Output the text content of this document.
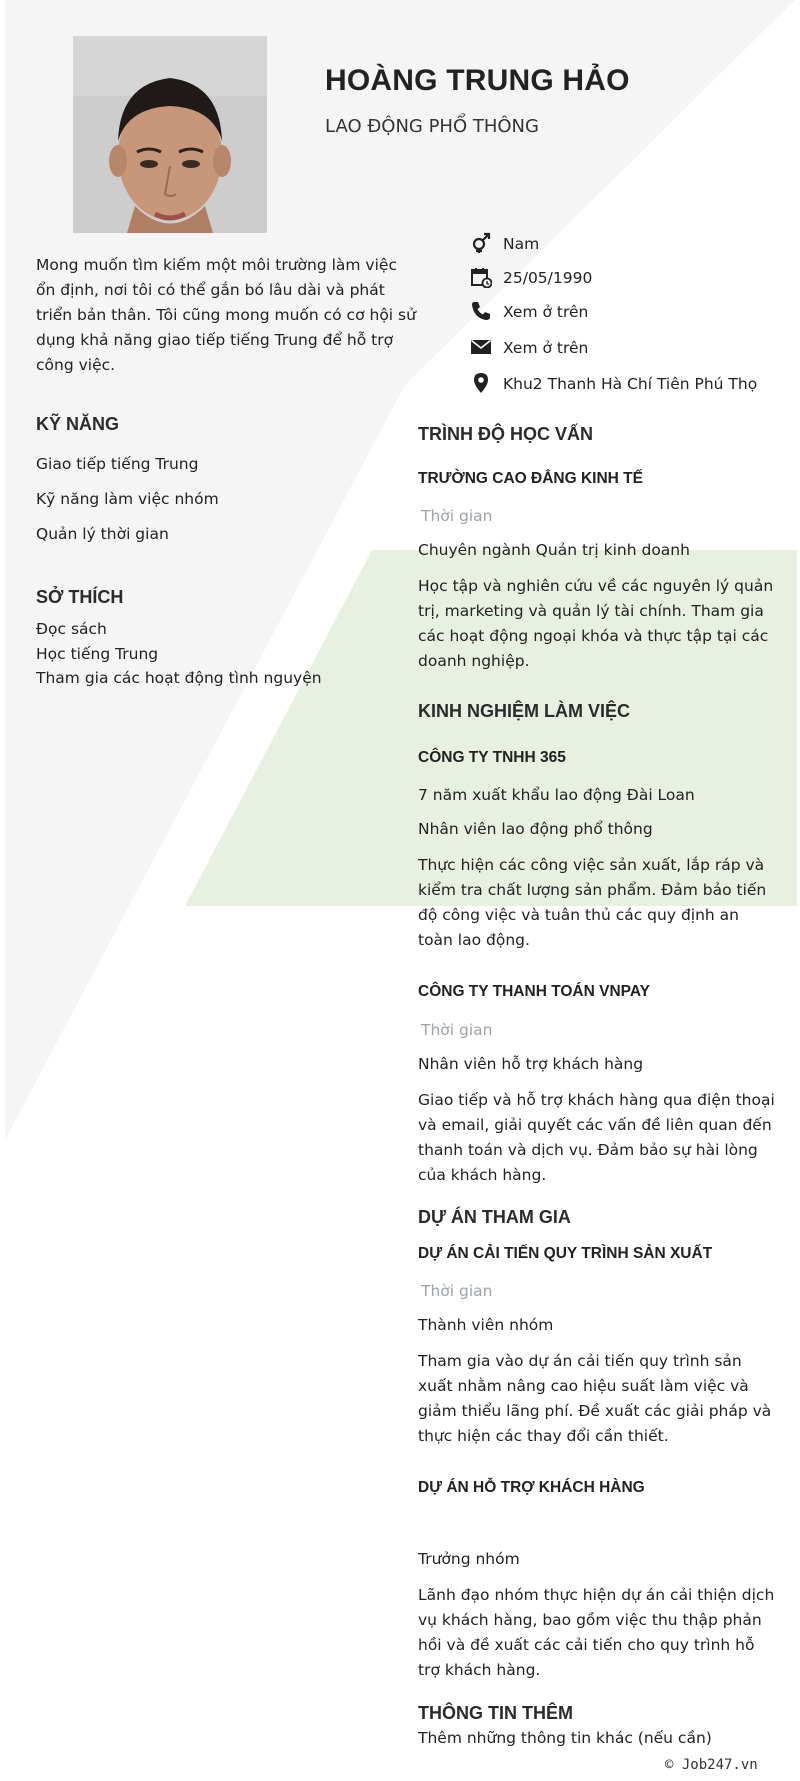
HOÀNG TRUNG HẢO
LAO ĐỘNG PHỔ THÔNG
Nam
25/05/1990
Xem ở trên
Xem ở trên
Khu2 Thanh Hà Chí Tiên Phú Thọ
Mong muốn tìm kiếm một môi trường làm việc ổn định, nơi tôi có thể gắn bó lâu dài và phát triển bản thân. Tôi cũng mong muốn có cơ hội sử dụng khả năng giao tiếp tiếng Trung để hỗ trợ công việc.
KỸ NĂNG
Giao tiếp tiếng Trung
Kỹ năng làm việc nhóm
Quản lý thời gian
SỞ THÍCH
Đọc sách
Học tiếng Trung
Tham gia các hoạt động tình nguyện
TRÌNH ĐỘ HỌC VẤN
TRƯỜNG CAO ĐẲNG KINH TẾ
Thời gian
Chuyên ngành Quản trị kinh doanh
Học tập và nghiên cứu về các nguyên lý quản trị, marketing và quản lý tài chính. Tham gia các hoạt động ngoại khóa và thực tập tại các doanh nghiệp.
KINH NGHIỆM LÀM VIỆC
CÔNG TY TNHH 365
7 năm xuất khẩu lao động Đài Loan
Nhân viên lao động phổ thông
Thực hiện các công việc sản xuất, lắp ráp và kiểm tra chất lượng sản phẩm. Đảm bảo tiến độ công việc và tuân thủ các quy định an toàn lao động.
CÔNG TY THANH TOÁN VNPAY
Thời gian
Nhân viên hỗ trợ khách hàng
Giao tiếp và hỗ trợ khách hàng qua điện thoại và email, giải quyết các vấn đề liên quan đến thanh toán và dịch vụ. Đảm bảo sự hài lòng của khách hàng.
DỰ ÁN THAM GIA
DỰ ÁN CẢI TIẾN QUY TRÌNH SẢN XUẤT
Thời gian
Thành viên nhóm
Tham gia vào dự án cải tiến quy trình sản xuất nhằm nâng cao hiệu suất làm việc và giảm thiểu lãng phí. Đề xuất các giải pháp và thực hiện các thay đổi cần thiết.
DỰ ÁN HỖ TRỢ KHÁCH HÀNG
Trưởng nhóm
Lãnh đạo nhóm thực hiện dự án cải thiện dịch vụ khách hàng, bao gồm việc thu thập phản hồi và đề xuất các cải tiến cho quy trình hỗ trợ khách hàng.
THÔNG TIN THÊM
Thêm những thông tin khác (nếu cần)
© Job247.vn
